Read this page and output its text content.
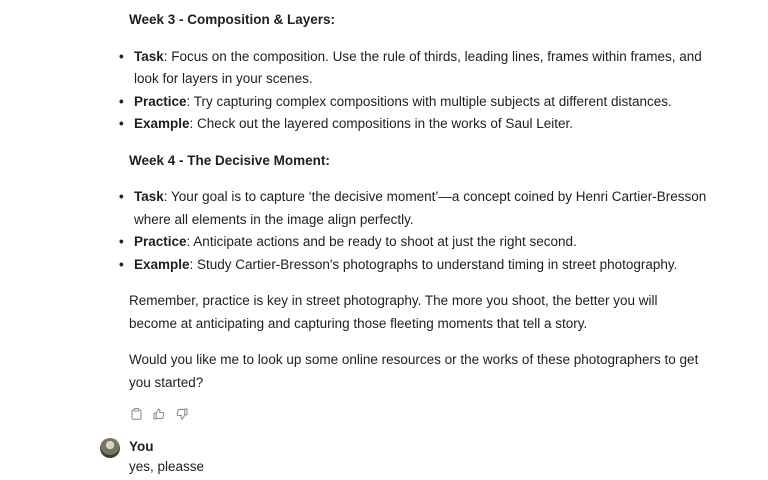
Week 3 - Composition & Layers:
• Task: Focus on the composition. Use the rule of thirds, leading lines, frames within frames, and look for layers in your scenes.
• Practice: Try capturing complex compositions with multiple subjects at different distances.
• Example: Check out the layered compositions in the works of Saul Leiter.
Week 4 - The Decisive Moment:
• Task: Your goal is to capture ‘the decisive moment’—a concept coined by Henri Cartier-Bresson where all elements in the image align perfectly.
• Practice: Anticipate actions and be ready to shoot at just the right second.
• Example: Study Cartier-Bresson's photographs to understand timing in street photography.

Remember, practice is key in street photography. The more you shoot, the better you will become at anticipating and capturing those fleeting moments that tell a story.

Would you like me to look up some online resources or the works of these photographers to get you started?

You
yes, pleasse
